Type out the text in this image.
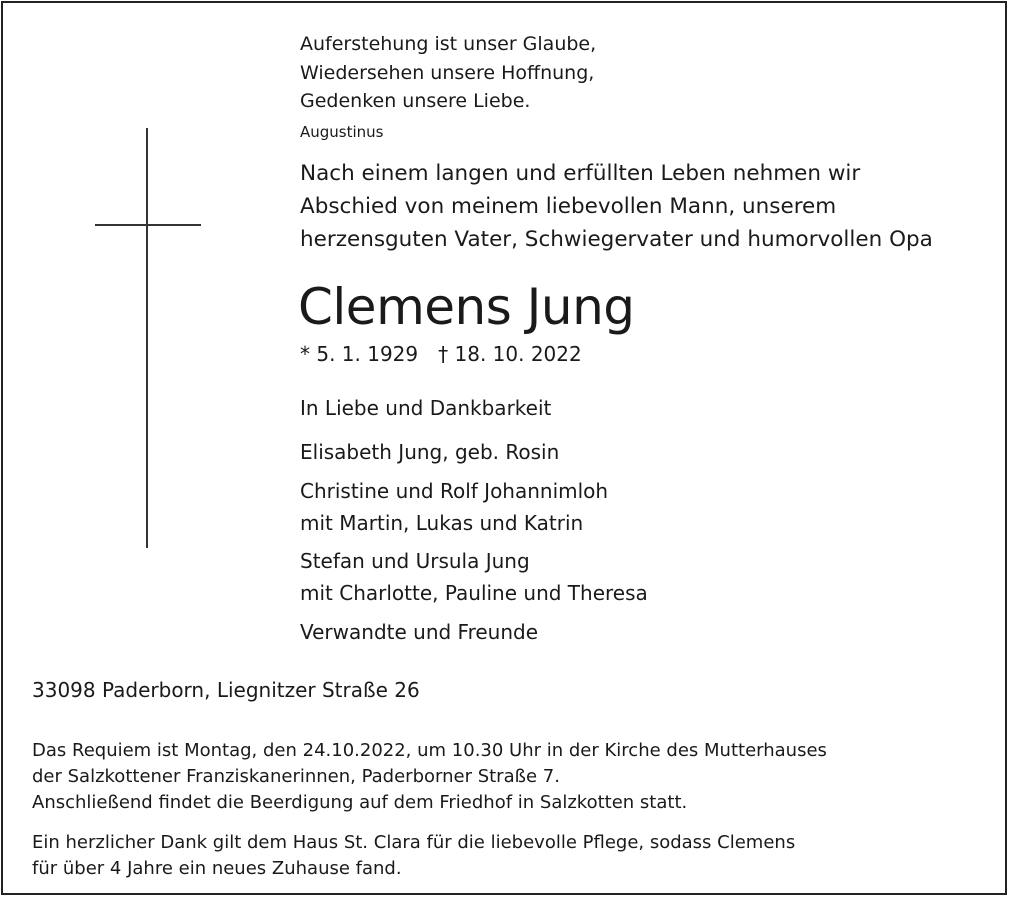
Auferstehung ist unser Glaube,
Wiedersehen unsere Hoffnung,
Gedenken unsere Liebe.
Augustinus
Nach einem langen und erfüllten Leben nehmen wir
Abschied von meinem liebevollen Mann, unserem
herzensguten Vater, Schwiegervater und humorvollen Opa
Clemens Jung
* 5. 1. 1929 † 18. 10. 2022
In Liebe und Dankbarkeit
Elisabeth Jung, geb. Rosin
Christine und Rolf Johannimloh
mit Martin, Lukas und Katrin
Stefan und Ursula Jung
mit Charlotte, Pauline und Theresa
Verwandte und Freunde
33098 Paderborn, Liegnitzer Straße 26
Das Requiem ist Montag, den 24.10.2022, um 10.30 Uhr in der Kirche des Mutterhauses
der Salzkottener Franziskanerinnen, Paderborner Straße 7.
Anschließend findet die Beerdigung auf dem Friedhof in Salzkotten statt.
Ein herzlicher Dank gilt dem Haus St. Clara für die liebevolle Pflege, sodass Clemens
für über 4 Jahre ein neues Zuhause fand.
